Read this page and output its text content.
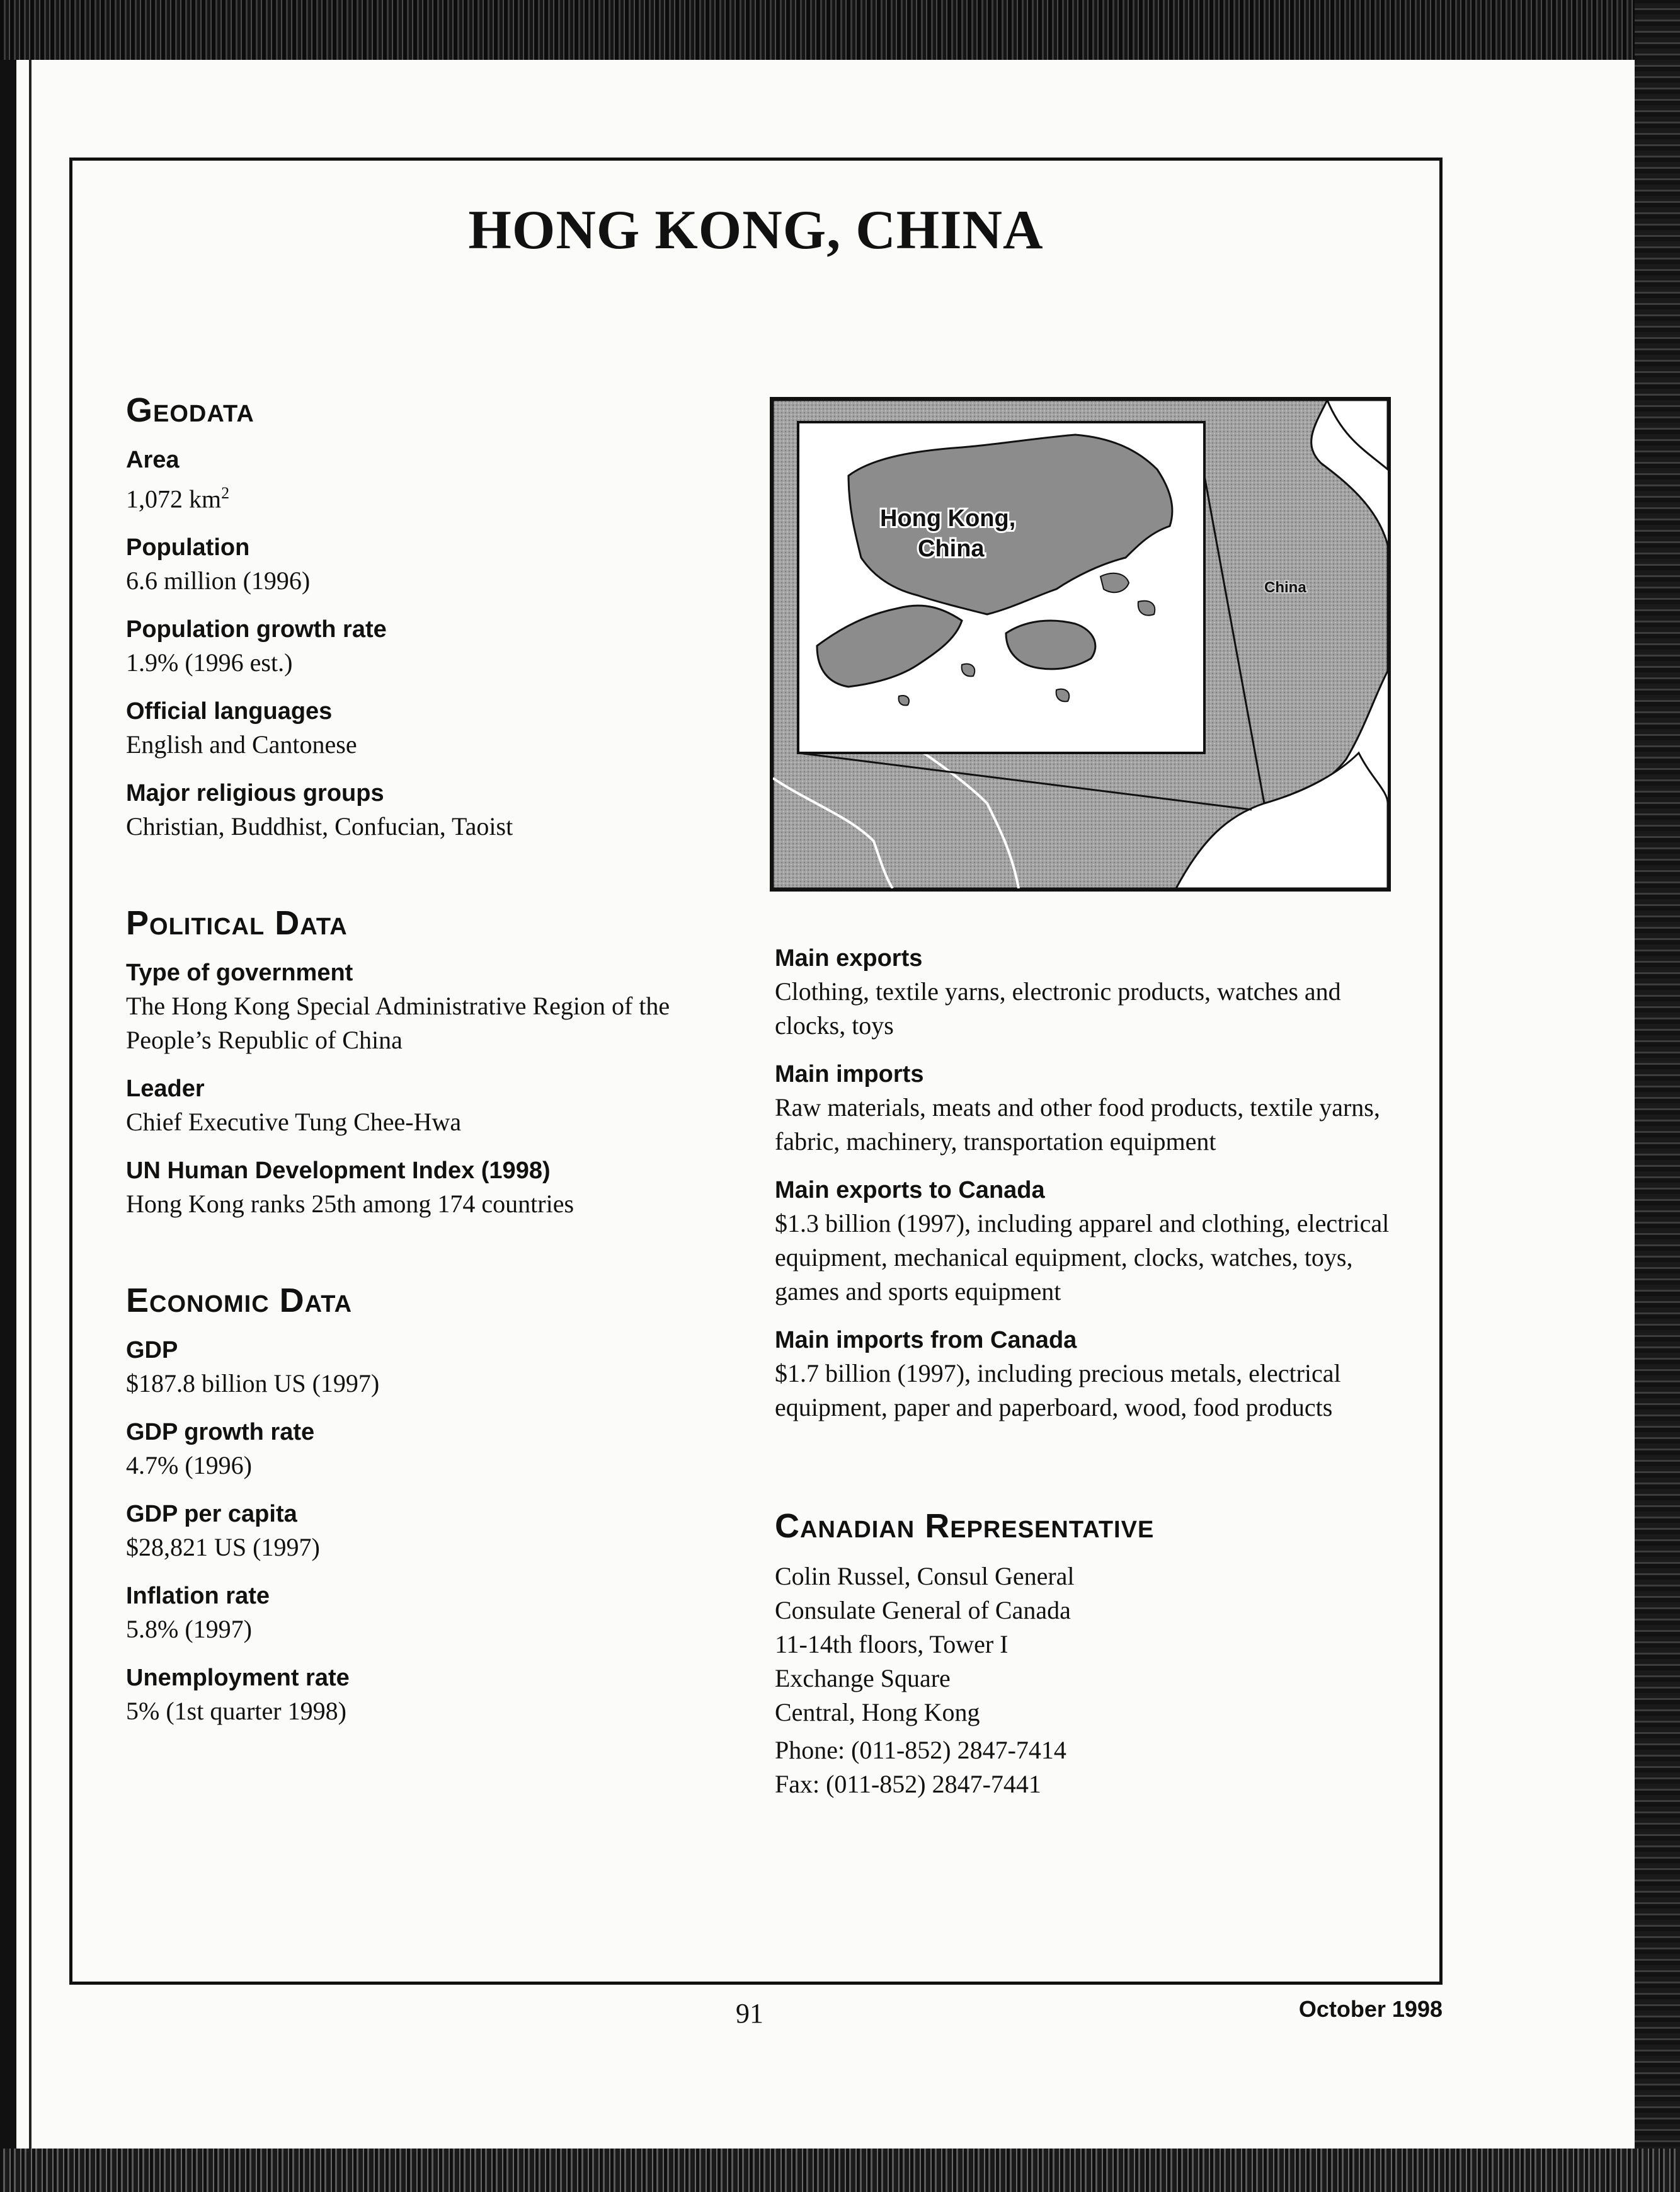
HONG KONG, CHINA
Geodata
Area
1,072 $km^2$
Population
6.6 million (1996)
Population growth rate
1.9% (1996 est.)
Official languages
English and Cantonese
Major religious groups
Christian, Buddhist, Confucian, Taoist
Political Data
Type of government
The Hong Kong Special Administrative Region of the People’s Republic of China
Leader
Chief Executive Tung Chee-Hwa
UN Human Development Index (1998)
Hong Kong ranks 25th among 174 countries
Economic Data
GDP
$187.8 billion US (1997)
GDP growth rate
4.7% (1996)
GDP per capita
$28,821 US (1997)
Inflation rate
5.8% (1997)
Unemployment rate
5% (1st quarter 1998)
Hong Kong,
China
China
Main exports
Clothing, textile yarns, electronic products, watches and clocks, toys
Main imports
Raw materials, meats and other food products, textile yarns, fabric, machinery, transportation equipment
Main exports to Canada
$1.3 billion (1997), including apparel and clothing, electrical equipment, mechanical equipment, clocks, watches, toys, games and sports equipment
Main imports from Canada
$1.7 billion (1997), including precious metals, electrical equipment, paper and paperboard, wood, food products
Canadian Representative
Colin Russel, Consul General
Consulate General of Canada
11-14th floors, Tower I
Exchange Square
Central, Hong Kong
Phone: (011-852) 2847-7414
Fax: (011-852) 2847-7441
91	October 1998
